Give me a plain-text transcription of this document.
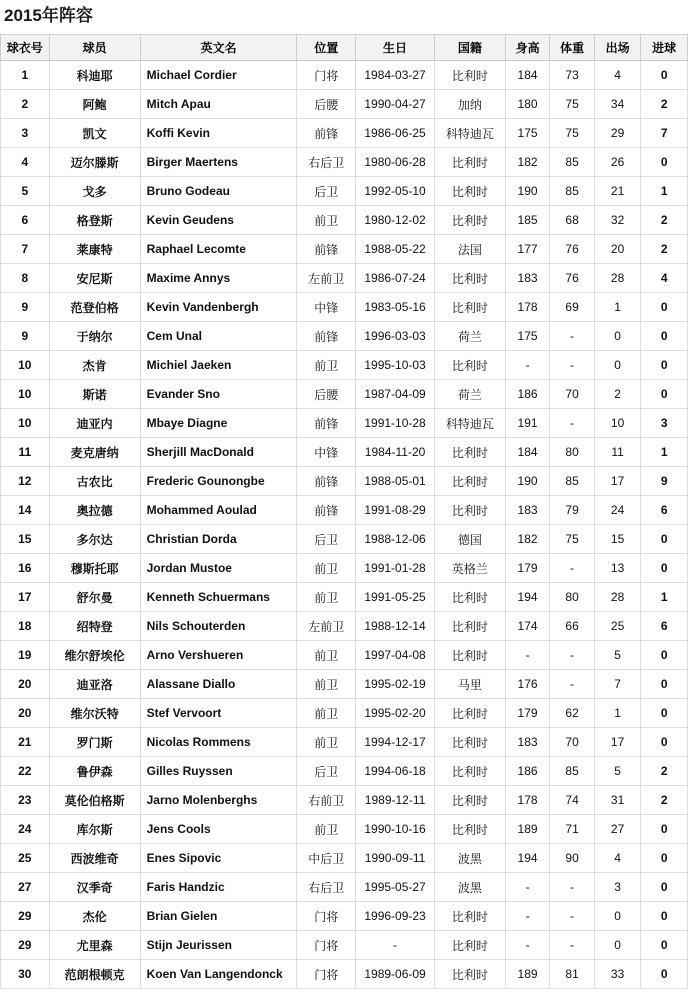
2015年阵容
球衣号	球员	英文名	位置	生日	国籍	身高	体重	出场	进球
1	科迪耶	Michael Cordier	门将	1984-03-27	比利时	184	73	4	0
2	阿鲍	Mitch Apau	后腰	1990-04-27	加纳	180	75	34	2
3	凯文	Koffi Kevin	前锋	1986-06-25	科特迪瓦	175	75	29	7
4	迈尔滕斯	Birger Maertens	右后卫	1980-06-28	比利时	182	85	26	0
5	戈多	Bruno Godeau	后卫	1992-05-10	比利时	190	85	21	1
6	格登斯	Kevin Geudens	前卫	1980-12-02	比利时	185	68	32	2
7	莱康特	Raphael Lecomte	前锋	1988-05-22	法国	177	76	20	2
8	安尼斯	Maxime Annys	左前卫	1986-07-24	比利时	183	76	28	4
9	范登伯格	Kevin Vandenbergh	中锋	1983-05-16	比利时	178	69	1	0
9	于纳尔	Cem Unal	前锋	1996-03-03	荷兰	175	-	0	0
10	杰肯	Michiel Jaeken	前卫	1995-10-03	比利时	-	-	0	0
10	斯诺	Evander Sno	后腰	1987-04-09	荷兰	186	70	2	0
10	迪亚内	Mbaye Diagne	前锋	1991-10-28	科特迪瓦	191	-	10	3
11	麦克唐纳	Sherjill MacDonald	中锋	1984-11-20	比利时	184	80	11	1
12	古农比	Frederic Gounongbe	前锋	1988-05-01	比利时	190	85	17	9
14	奥拉德	Mohammed Aoulad	前锋	1991-08-29	比利时	183	79	24	6
15	多尔达	Christian Dorda	后卫	1988-12-06	德国	182	75	15	0
16	穆斯托耶	Jordan Mustoe	前卫	1991-01-28	英格兰	179	-	13	0
17	舒尔曼	Kenneth Schuermans	前卫	1991-05-25	比利时	194	80	28	1
18	绍特登	Nils Schouterden	左前卫	1988-12-14	比利时	174	66	25	6
19	维尔舒埃伦	Arno Vershueren	前卫	1997-04-08	比利时	-	-	5	0
20	迪亚洛	Alassane Diallo	前卫	1995-02-19	马里	176	-	7	0
20	维尔沃特	Stef Vervoort	前卫	1995-02-20	比利时	179	62	1	0
21	罗门斯	Nicolas Rommens	前卫	1994-12-17	比利时	183	70	17	0
22	鲁伊森	Gilles Ruyssen	后卫	1994-06-18	比利时	186	85	5	2
23	莫伦伯格斯	Jarno Molenberghs	右前卫	1989-12-11	比利时	178	74	31	2
24	库尔斯	Jens Cools	前卫	1990-10-16	比利时	189	71	27	0
25	西波维奇	Enes Sipovic	中后卫	1990-09-11	波黑	194	90	4	0
27	汉季奇	Faris Handzic	右后卫	1995-05-27	波黑	-	-	3	0
29	杰伦	Brian Gielen	门将	1996-09-23	比利时	-	-	0	0
29	尤里森	Stijn Jeurissen	门将	-	比利时	-	-	0	0
30	范朗根顿克	Koen Van Langendonck	门将	1989-06-09	比利时	189	81	33	0
